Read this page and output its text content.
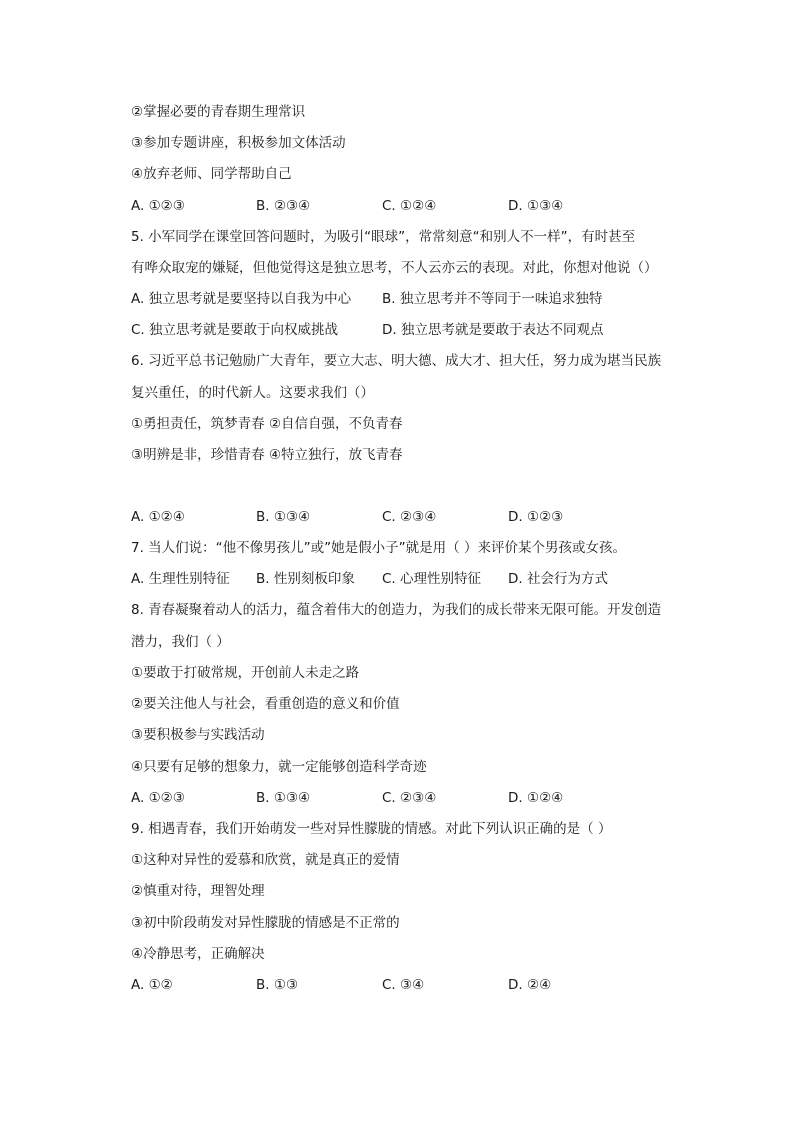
②掌握必要的青春期生理常识
③参加专题讲座，积极参加文体活动
④放弃老师、同学帮助自己
A. ①②③	B. ②③④	C. ①②④	D. ①③④
5. 小军同学在课堂回答问题时，为吸引“眼球”，常常刻意“和别人不一样”，有时甚至
有哗众取宠的嫌疑，但他觉得这是独立思考，不人云亦云的表现。对此，你想对他说（）
A. 独立思考就是要坚持以自我为中心 B. 独立思考并不等同于一味追求独特
C. 独立思考就是要敢于向权威挑战	D. 独立思考就是要敢于表达不同观点
6. 习近平总书记勉励广大青年，要立大志、明大德、成大才、担大任，努力成为堪当民族
复兴重任，的时代新人。这要求我们（）
①勇担责任，筑梦青春 ②自信自强，不负青春
③明辨是非，珍惜青春 ④特立独行，放飞青春
A. ①②④	B. ①③④	C. ②③④	D. ①②③
7. 当人们说：“他不像男孩儿”或”她是假小子”就是用（ ）来评价某个男孩或女孩。
A. 生理性别特征 B. 性别刻板印象 C. 心理性别特征 D. 社会行为方式
8. 青春凝聚着动人的活力，蕴含着伟大的创造力，为我们的成长带来无限可能。开发创造
潜力，我们（ ）
①要敢于打破常规，开创前人未走之路
②要关注他人与社会，看重创造的意义和价值
③要积极参与实践活动
④只要有足够的想象力，就一定能够创造科学奇迹
A. ①②③	B. ①③④	C. ②③④	D. ①②④
9. 相遇青春，我们开始萌发一些对异性朦胧的情感。对此下列认识正确的是（ ）
①这种对异性的爱慕和欣赏，就是真正的爱情
②慎重对待，理智处理
③初中阶段萌发对异性朦胧的情感是不正常的
④冷静思考，正确解决
A. ①②	B. ①③	C. ③④	D. ②④
